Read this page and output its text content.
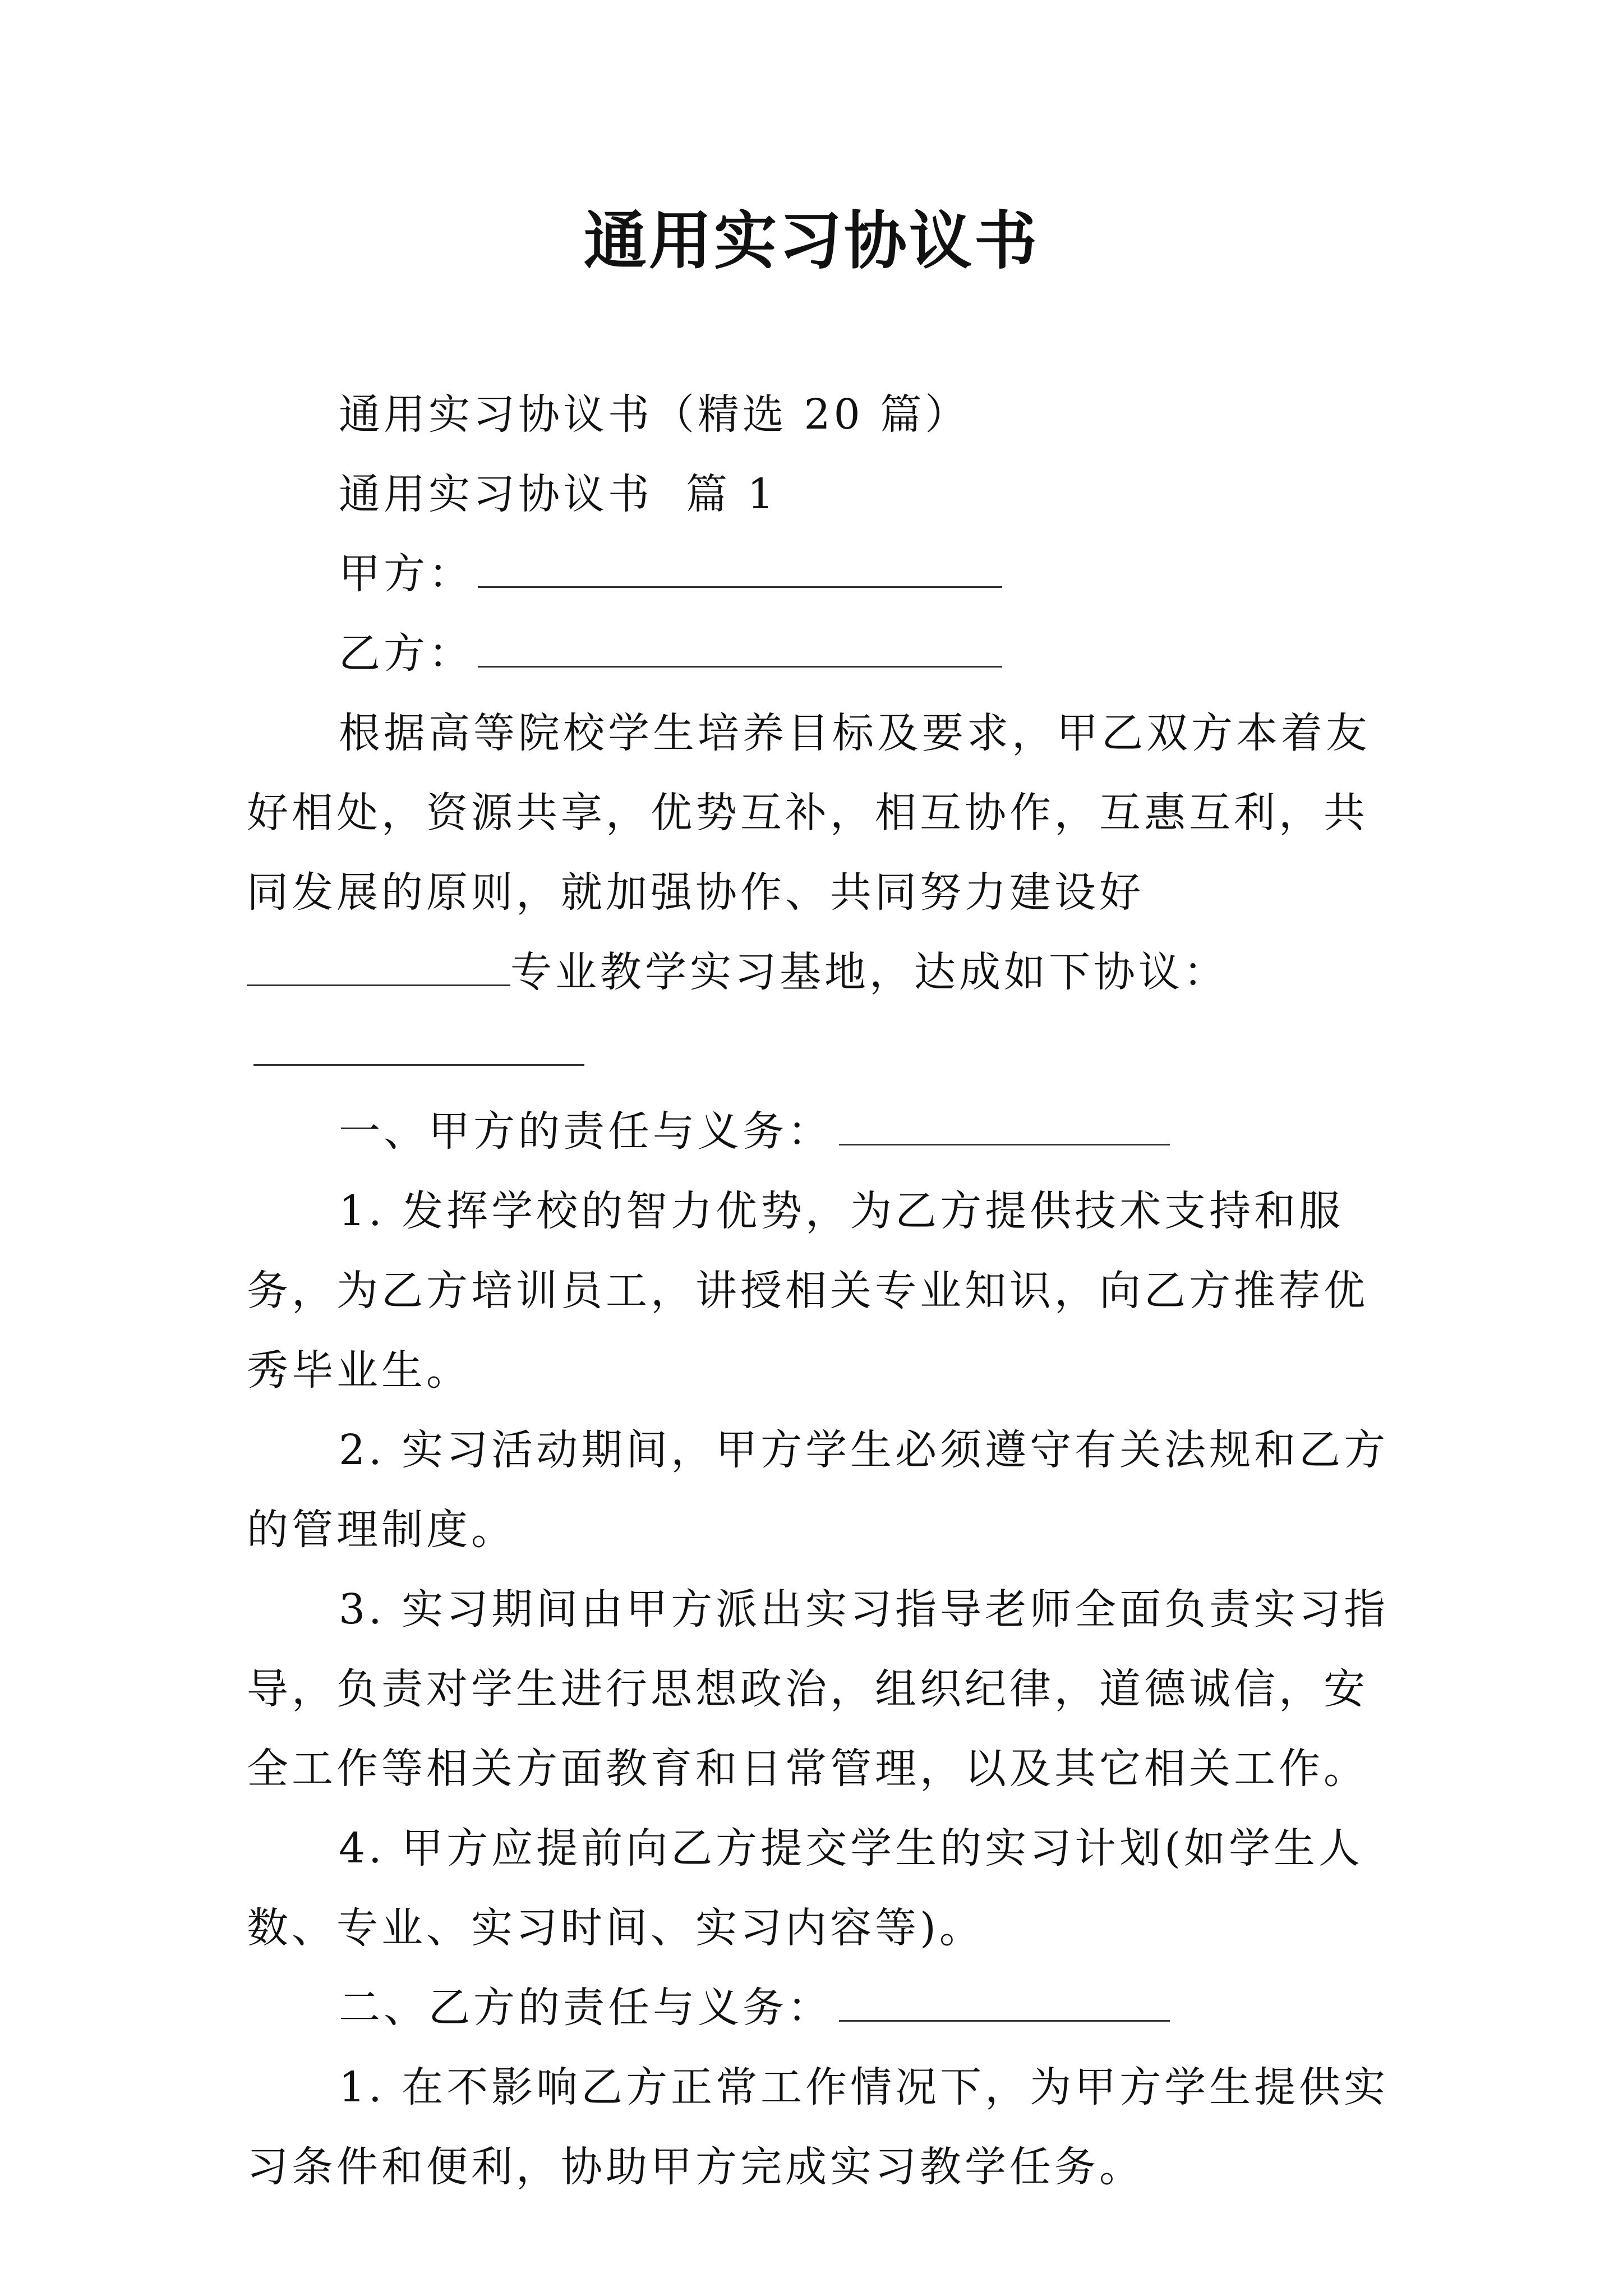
通用实习协议书

通用实习协议书（精选 20 篇）

通用实习协议书  篇 1

甲方：

乙方：

根据高等院校学生培养目标及要求，甲乙双方本着友好相处，资源共享，优势互补，相互协作，互惠互利，共同发展的原则，就加强协作、共同努力建设好专业教学实习基地，达成如下协议：

一、甲方的责任与义务：

1. 发挥学校的智力优势，为乙方提供技术支持和服务，为乙方培训员工，讲授相关专业知识，向乙方推荐优秀毕业生。

2. 实习活动期间，甲方学生必须遵守有关法规和乙方的管理制度。

3. 实习期间由甲方派出实习指导老师全面负责实习指导，负责对学生进行思想政治，组织纪律，道德诚信，安全工作等相关方面教育和日常管理，以及其它相关工作。

4. 甲方应提前向乙方提交学生的实习计划(如学生人数、专业、实习时间、实习内容等)。

二、乙方的责任与义务：

1. 在不影响乙方正常工作情况下，为甲方学生提供实习条件和便利，协助甲方完成实习教学任务。
